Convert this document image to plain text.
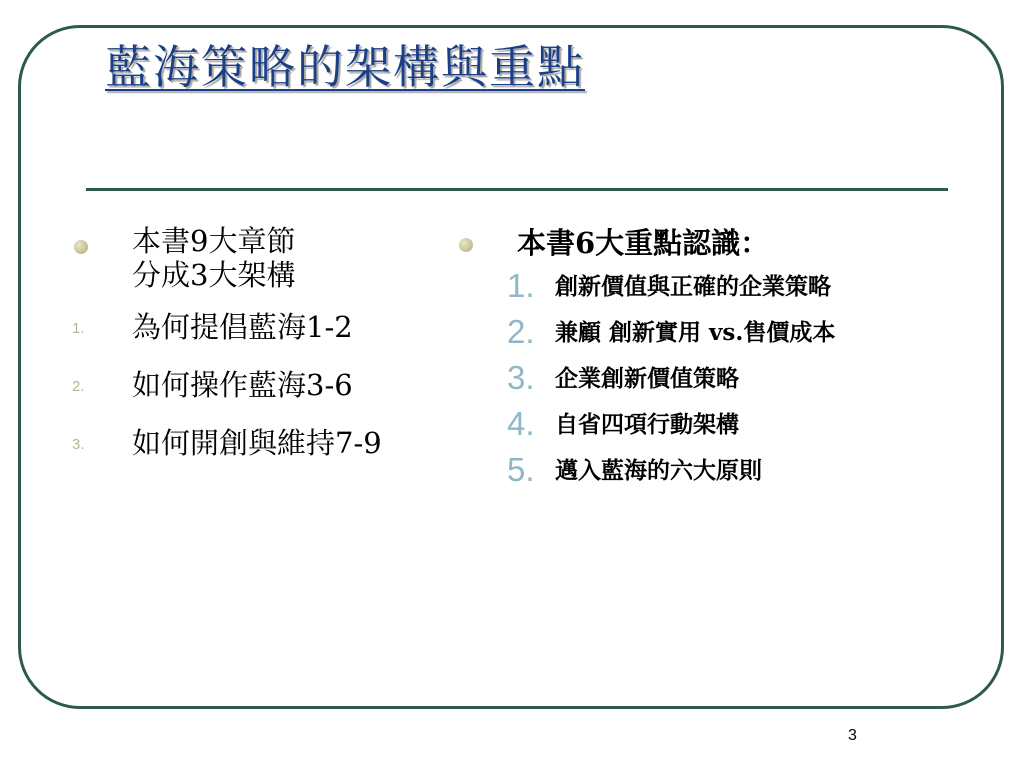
藍海策略的架構與重點
本書9大章節
分成3大架構
1. 為何提倡藍海1-2
2. 如何操作藍海3-6
3. 如何開創與維持7-9
本書6大重點認識：
1. 創新價值與正確的企業策略
2. 兼顧 創新實用 vs.售價成本
3. 企業創新價值策略
4. 自省四項行動架構
5. 邁入藍海的六大原則
3
